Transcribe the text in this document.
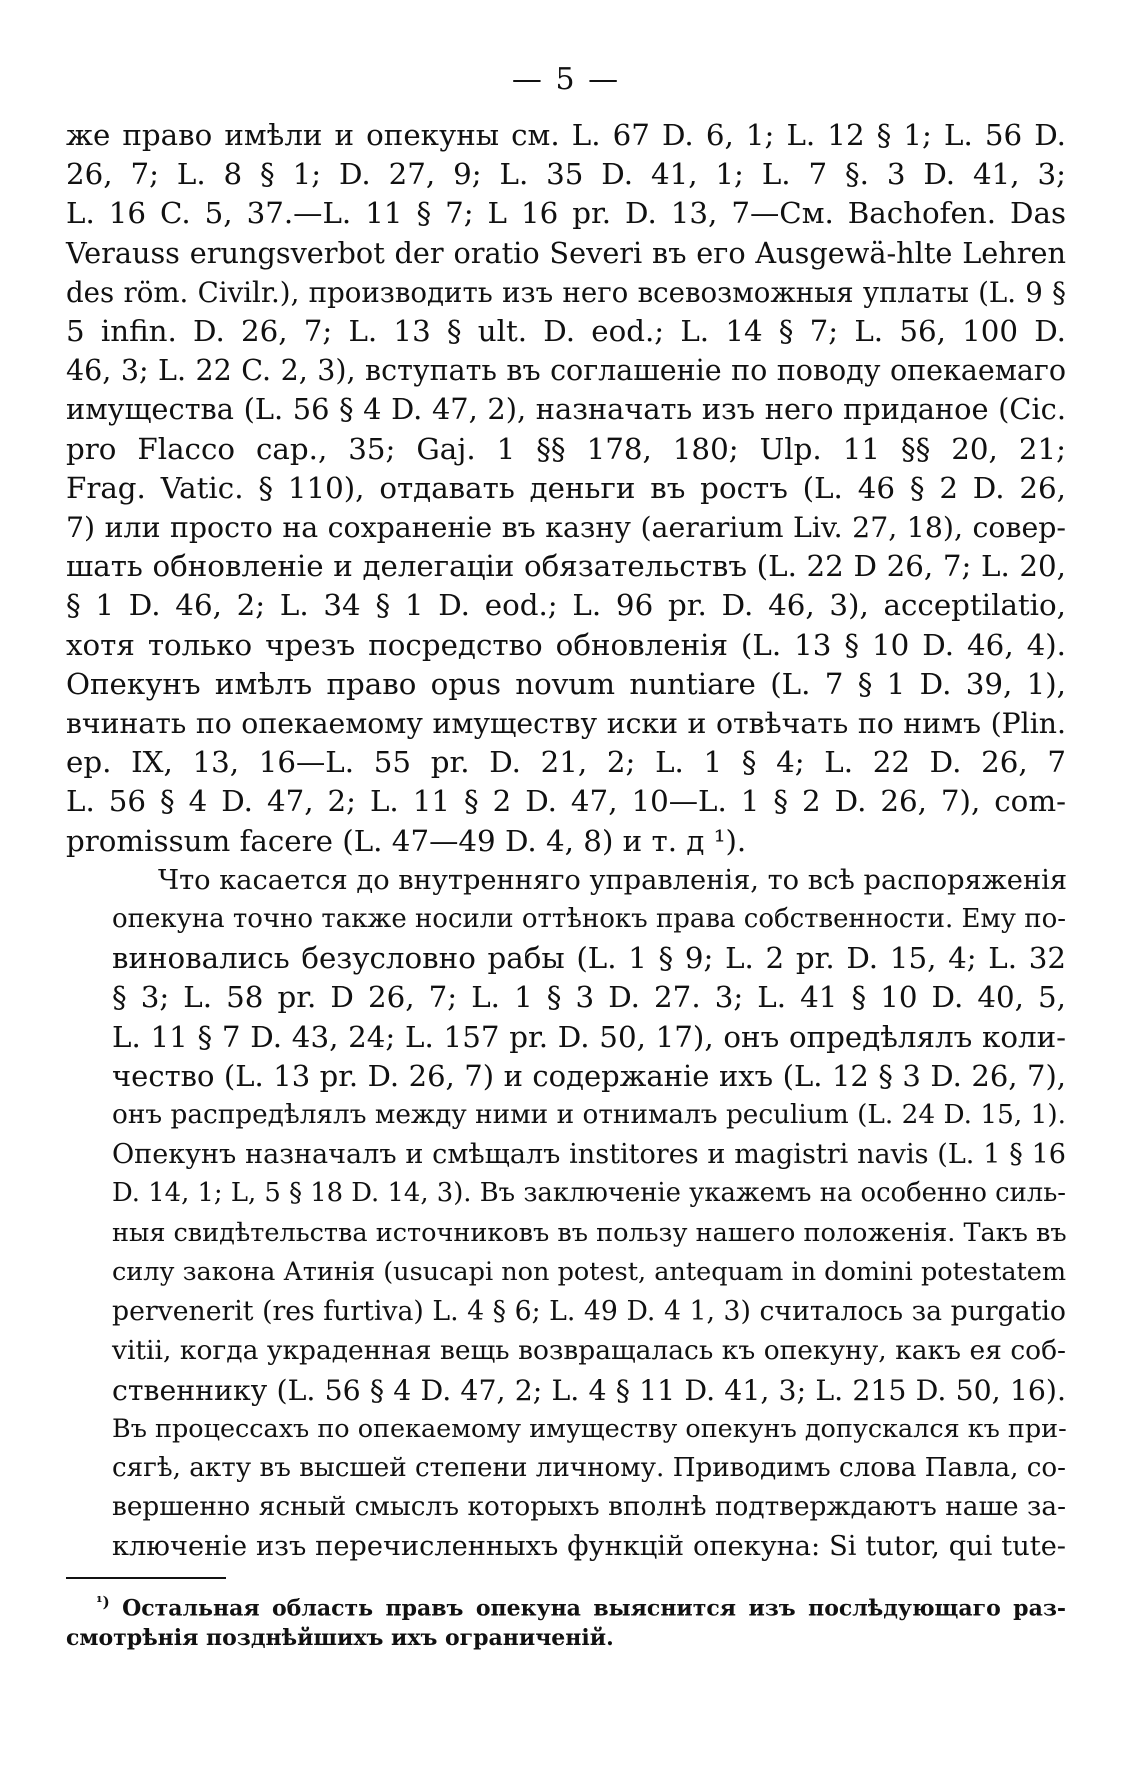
— 5 —

же право имѣли и опекуны см. L. 67 D. 6, 1; L. 12 § 1; L. 56 D.
26, 7; L. 8 § 1; D. 27, 9; L. 35 D. 41, 1; L. 7 §. 3 D. 41, 3;
L. 16 C. 5, 37.—L. 11 § 7; L 16 pr. D. 13, 7—См. Bachofen. Das
Verauss erungsverbot der oratio Severi въ его Ausgewä-hlte Lehren
des röm. Civilr.), производить изъ него всевозможныя уплаты (L. 9 §
5 infin. D. 26, 7; L. 13 § ult. D. eod.; L. 14 § 7; L. 56, 100 D.
46, 3; L. 22 C. 2, 3), вступать въ соглашеніе по поводу опекаемаго
имущества (L. 56 § 4 D. 47, 2), назначать изъ него приданое (Cic.
pro Flacco cap., 35; Gaj. 1 §§ 178, 180; Ulp. 11 §§ 20, 21;
Frag. Vatic. § 110), отдавать деньги въ ростъ (L. 46 § 2 D. 26,
7) или просто на сохраненіе въ казну (aerarium Liv. 27, 18), совер-
шать обновленіе и делегаціи обязательствъ (L. 22 D 26, 7; L. 20,
§ 1 D. 46, 2; L. 34 § 1 D. eod.; L. 96 pr. D. 46, 3), acceptilatio,
хотя только чрезъ посредство обновленія (L. 13 § 10 D. 46, 4).
Опекунъ имѣлъ право opus novum nuntiare (L. 7 § 1 D. 39, 1),
вчинать по опекаемому имуществу иски и отвѣчать по нимъ (Plin.
ep. IX, 13, 16—L. 55 pr. D. 21, 2; L. 1 § 4; L. 22 D. 26, 7
L. 56 § 4 D. 47, 2; L. 11 § 2 D. 47, 10—L. 1 § 2 D. 26, 7), com-
promissum facere (L. 47—49 D. 4, 8) и т. д ¹).

Что касается до внутренняго управленія, то всѣ распоряженія
опекуна точно также носили оттѣнокъ права собственности. Ему по-
виновались безусловно рабы (L. 1 § 9; L. 2 pr. D. 15, 4; L. 32
§ 3; L. 58 pr. D 26, 7; L. 1 § 3 D. 27. 3; L. 41 § 10 D. 40, 5,
L. 11 § 7 D. 43, 24; L. 157 pr. D. 50, 17), онъ опредѣлялъ коли-
чество (L. 13 pr. D. 26, 7) и содержаніе ихъ (L. 12 § 3 D. 26, 7),
онъ распредѣлялъ между ними и отнималъ peculium (L. 24 D. 15, 1).
Опекунъ назначалъ и смѣщалъ institores и magistri navis (L. 1 § 16
D. 14, 1; L, 5 § 18 D. 14, 3). Въ заключеніе укажемъ на особенно силь-
ныя свидѣтельства источниковъ въ пользу нашего положенія. Такъ въ
силу закона Атинія (usucapi non potest, antequam in domini potestatem
pervenerit (res furtiva) L. 4 § 6; L. 49 D. 4 1, 3) считалось за purgatio
vitii, когда украденная вещь возвращалась къ опекуну, какъ ея соб-
ственнику (L. 56 § 4 D. 47, 2; L. 4 § 11 D. 41, 3; L. 215 D. 50, 16).
Въ процессахъ по опекаемому имуществу опекунъ допускался къ при-
сягѣ, акту въ высшей степени личному. Приводимъ слова Павла, со-
вершенно ясный смыслъ которыхъ вполнѣ подтверждаютъ наше за-
ключеніе изъ перечисленныхъ функцій опекуна: Si tutor, qui tute-

$^{^1)}$ Остальная область правъ опекуна выяснится изъ послѣдующаго раз-
смотрѣнія позднѣйшихъ ихъ ограниченій.
